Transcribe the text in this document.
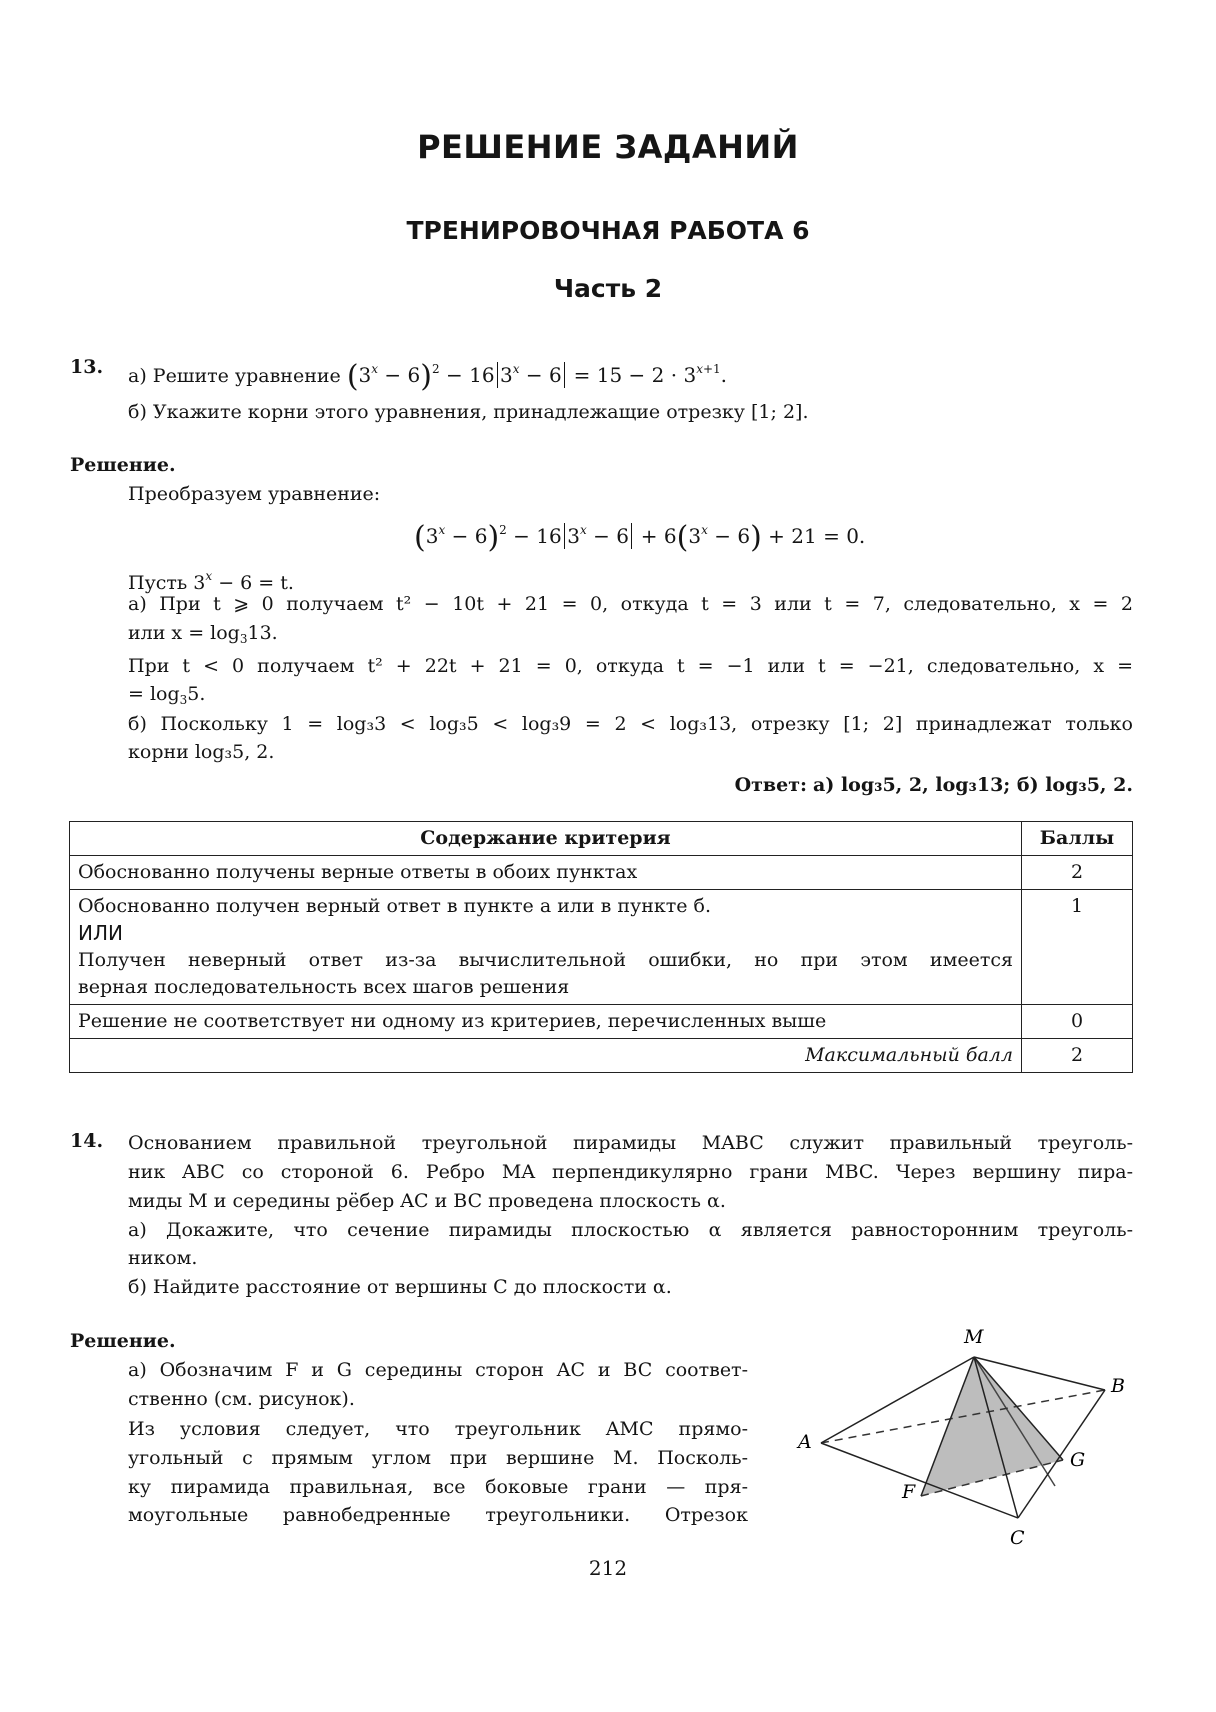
РЕШЕНИЕ ЗАДАНИЙ
ТРЕНИРОВОЧНАЯ РАБОТА 6
Часть 2
13. а) Решите уравнение $(3^x - 6)^2 - 16$ $3^x - 6 = 15 - 2 \cdot 3^{x+1}$.
б) Укажите корни этого уравнения, принадлежащие отрезку [1; 2].
Решение.
Преобразуем уравнение:
$(3^x - 6)^2 - 16$ $3^x - 6 + 6(3^x - 6) + 21 = 0$.
Пусть $3^x - 6 = t$.
а) При t ⩾ 0 получаем t² − 10t + 21 = 0, откуда t = 3 или t = 7, следовательно, x = 2
или $x = \log_313$.
При t < 0 получаем t² + 22t + 21 = 0, откуда t = −1 или t = −21, следовательно, x =
= $\log_35$.
б) Поскольку 1 = log₃3 < log₃5 < log₃9 = 2 < log₃13, отрезку [1; 2] принадлежат только
корни log₃5, 2.
Ответ: а) log₃5, 2, log₃13; б) log₃5, 2.
Содержание критерия	Баллы
Обоснованно получены верные ответы в обоих пунктах	2

Обоснованно получен верный ответ в пункте а или в пункте б.
ИЛИ
Получен неверный ответ из-за вычислительной ошибки, но при этом имеется
верная последовательность всех шагов решения	1
Решение не соответствует ни одному из критериев, перечисленных выше	0
Максимальный балл	2
14. Основанием правильной треугольной пирамиды MABC служит правильный треуголь-
ник ABC со стороной 6. Ребро MA перпендикулярно грани MBC. Через вершину пира-
миды M и середины рёбер AC и BC проведена плоскость α.
а) Докажите, что сечение пирамиды плоскостью α является равносторонним треуголь-
ником.
б) Найдите расстояние от вершины C до плоскости α.
Решение.
а) Обозначим F и G середины сторон AC и BC соответ-
ственно (см. рисунок).
Из условия следует, что треугольник AMC прямо-
угольный с прямым углом при вершине M. Посколь-
ку пирамида правильная, все боковые грани — пря-
моугольные равнобедренные треугольники. Отрезок
M
A
B
C
F
G
212
